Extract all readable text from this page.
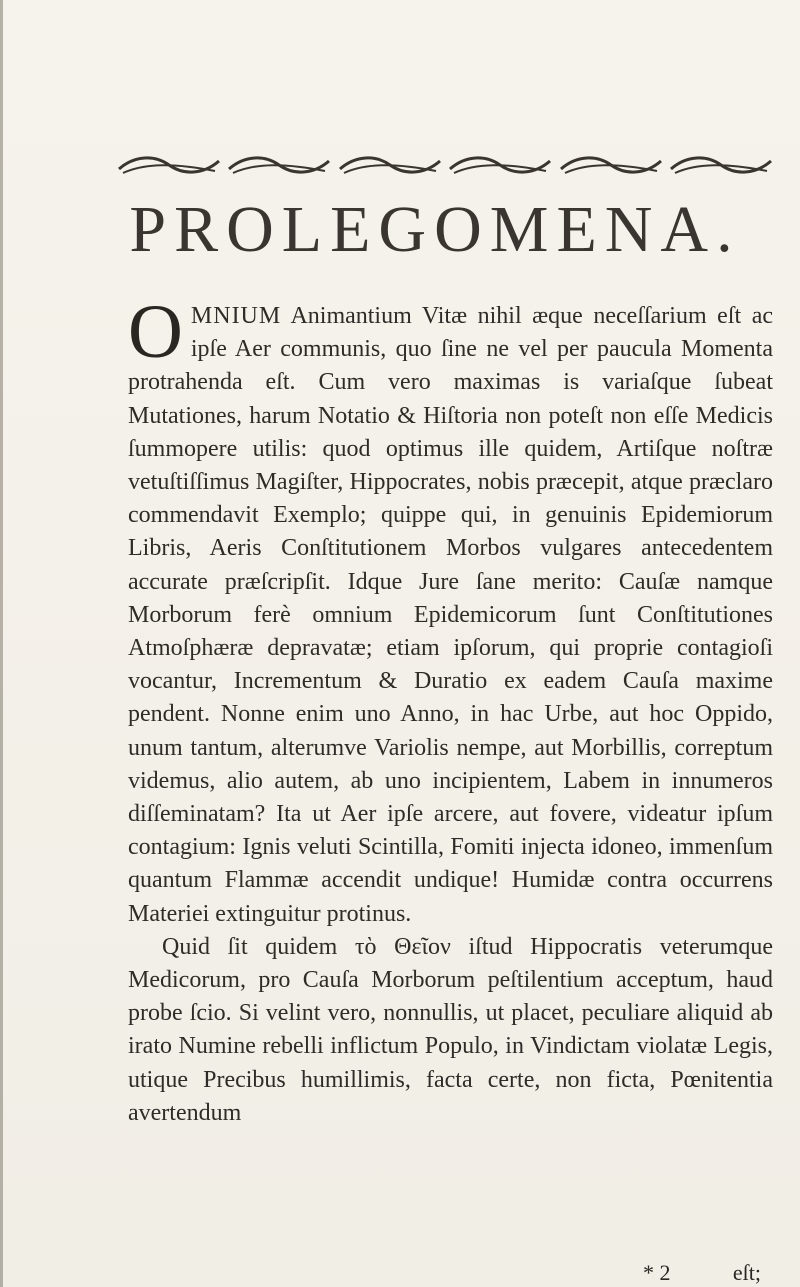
PROLEGOMENA.

OMNIUM Animantium Vitæ nihil æque neceſſarium eſt ac ipſe Aer communis, quo ſine ne vel per paucula Momenta protrahenda eſt. Cum vero maximas is variaſque ſubeat Mutationes, harum Notatio & Hiſtoria non poteſt non eſſe Medicis ſummopere utilis: quod optimus ille quidem, Artiſque noſtræ vetuſtiſſimus Magiſter, Hippocrates, nobis præcepit, atque præclaro commendavit Exemplo; quippe qui, in genuinis Epidemiorum Libris, Aeris Conſtitutionem Morbos vulgares antecedentem accurate præſcripſit. Idque Jure ſane merito: Cauſæ namque Morborum ferè omnium Epidemicorum ſunt Conſtitutiones Atmoſphæræ depravatæ; etiam ipſorum, qui proprie contagioſi vocantur, Incrementum & Duratio ex eadem Cauſa maxime pendent. Nonne enim uno Anno, in hac Urbe, aut hoc Oppido, unum tantum, alterumve Variolis nempe, aut Morbillis, correptum videmus, alio autem, ab uno incipientem, Labem in innumeros diſſeminatam? Ita ut Aer ipſe arcere, aut fovere, videatur ipſum contagium: Ignis veluti Scintilla, Fomiti injecta idoneo, immenſum quantum Flammæ accendit undique! Humidæ contra occurrens Materiei extinguitur protinus.

Quid ſit quidem τὸ Θεῖον iſtud Hippocratis veterumque Medicorum, pro Cauſa Morborum peſtilentium acceptum, haud probe ſcio. Si velint vero, nonnullis, ut placet, peculiare aliquid ab irato Numine rebelli inflictum Populo, in Vindictam violatæ Legis, utique Precibus humillimis, facta certe, non ficta, Pœnitentia avertendum

* 2	eſt;
